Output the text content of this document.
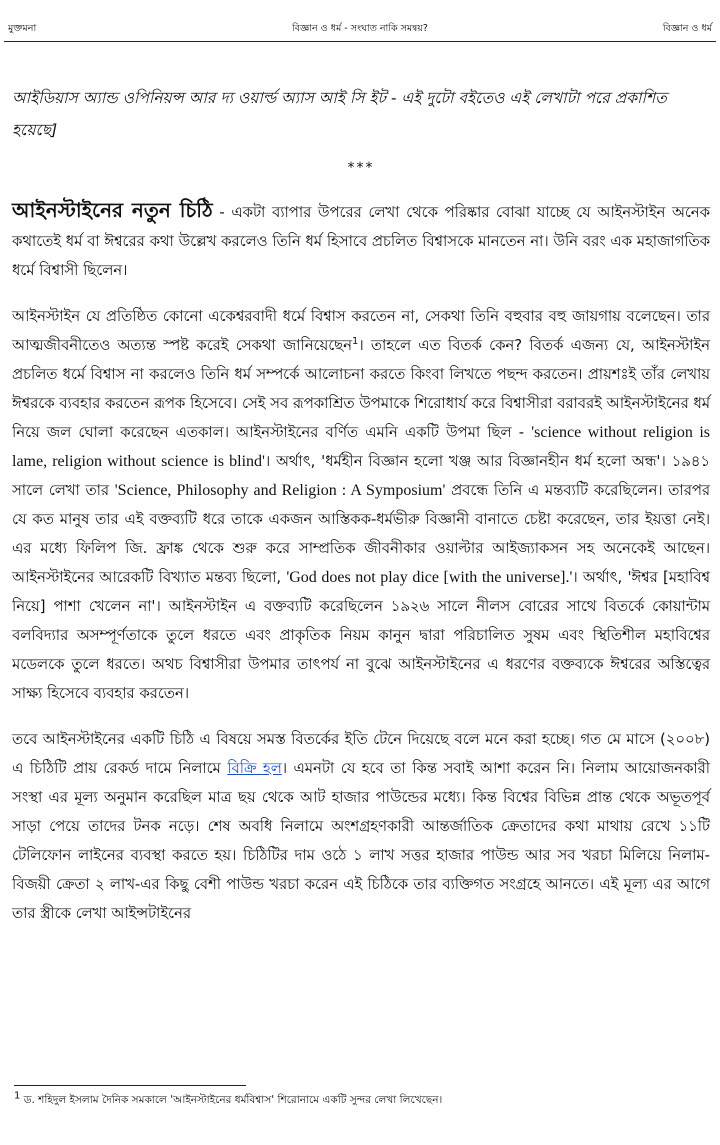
মুক্তমনা	বিজ্ঞান ও ধর্ম - সংঘাত নাকি সমন্বয়?	বিজ্ঞান ও ধর্ম

আইডিয়াস অ্যান্ড ওপিনিয়ন্স আর দ্য ওয়ার্ল্ড অ্যাস আই সি ইট - এই দুটো বইতেও এই লেখাটা পরে প্রকাশিত হয়েছে]

***

আইনস্টাইনের নতুন চিঠি - একটা ব্যাপার উপরের লেখা থেকে পরিষ্কার বোঝা যাচ্ছে যে আইনস্টাইন অনেক কথাতেই ধর্ম বা ঈশ্বরের কথা উল্লেখ করলেও তিনি ধর্ম হিসাবে প্রচলিত বিশ্বাসকে মানতেন না। উনি বরং এক মহাজাগতিক ধর্মে বিশ্বাসী ছিলেন।

আইনস্টাইন যে প্রতিষ্ঠিত কোনো একেশ্বরবাদী ধর্মে বিশ্বাস করতেন না, সেকথা তিনি বহুবার বহু জায়গায় বলেছেন। তার আত্মজীবনীতেও অত্যন্ত স্পষ্ট করেই সেকথা জানিয়েছেন$^1$। তাহলে এত বিতর্ক কেন? বিতর্ক এজন্য যে, আইনস্টাইন প্রচলিত ধর্মে বিশ্বাস না করলেও তিনি ধর্ম সম্পর্কে আলোচনা করতে কিংবা লিখতে পছন্দ করতেন। প্রায়শঃই তাঁর লেখায় ঈশ্বরকে ব্যবহার করতেন রূপক হিসেবে। সেই সব রূপকাশ্রিত উপমাকে শিরোধার্য করে বিশ্বাসীরা বরাবরই আইনস্টাইনের ধর্ম নিয়ে জল ঘোলা করেছেন এতকাল। আইনস্টাইনের বর্ণিত এমনি একটি উপমা ছিল - 'science without religion is lame, religion without science is blind'। অর্থাৎ, 'ধর্মহীন বিজ্ঞান হলো খঞ্জ আর বিজ্ঞানহীন ধর্ম হলো অন্ধ'। ১৯৪১ সালে লেখা তার 'Science, Philosophy and Religion : A Symposium' প্রবন্ধে তিনি এ মন্তব্যটি করেছিলেন। তারপর যে কত মানুষ তার এই বক্তব্যটি ধরে তাকে একজন আস্তিকক-ধর্মভীরু বিজ্ঞানী বানাতে চেষ্টা করেছেন, তার ইয়ত্তা নেই। এর মধ্যে ফিলিপ জি. ফ্রাঙ্ক থেকে শুরু করে সাম্প্রতিক জীবনীকার ওয়াল্টার আইজ্যাকসন সহ অনেকেই আছেন। আইনস্টাইনের আরেকটি বিখ্যাত মন্তব্য ছিলো, 'God does not play dice [with the universe].'। অর্থাৎ, 'ঈশ্বর [মহাবিশ্ব নিয়ে] পাশা খেলেন না'। আইনস্টাইন এ বক্তব্যটি করেছিলেন ১৯২৬ সালে নীলস বোরের সাথে বিতর্কে কোয়ান্টাম বলবিদ্যার অসম্পূর্ণতাকে তুলে ধরতে এবং প্রাকৃতিক নিয়ম কানুন দ্বারা পরিচালিত সুষম এবং স্থিতিশীল মহাবিশ্বের মডেলকে তুলে ধরতে। অথচ বিশ্বাসীরা উপমার তাৎপর্য না বুঝে আইনস্টাইনের এ ধরণের বক্তব্যকে ঈশ্বরের অস্তিত্বের সাক্ষ্য হিসেবে ব্যবহার করতেন।

তবে আইনস্টাইনের একটি চিঠি এ বিষয়ে সমস্ত বিতর্কের ইতি টেনে দিয়েছে বলে মনে করা হচ্ছে। গত মে মাসে (২০০৮) এ চিঠিটি প্রায় রেকর্ড দামে নিলামে বিক্রি হল। এমনটা যে হবে তা কিন্ত সবাই আশা করেন নি। নিলাম আয়োজনকারী সংস্থা এর মূল্য অনুমান করেছিল মাত্র ছয় থেকে আট হাজার পাউন্ডের মধ্যে। কিন্ত বিশ্বের বিভিন্ন প্রান্ত থেকে অভূতপূর্ব সাড়া পেয়ে তাদের টনক নড়ে। শেষ অবধি নিলামে অংশগ্রহণকারী আন্তর্জাতিক ক্রেতাদের কথা মাথায় রেখে ১১টি টেলিফোন লাইনের ব্যবস্থা করতে হয়। চিঠিটির দাম ওঠে ১ লাখ সত্তর হাজার পাউন্ড আর সব খরচা মিলিয়ে নিলাম-বিজয়ী ক্রেতা ২ লাখ-এর কিছু বেশী পাউন্ড খরচা করেন এই চিঠিকে তার ব্যক্তিগত সংগ্রহে আনতে। এই মূল্য এর আগে তার স্ত্রীকে লেখা আইন্সটাইনের

$^1$ ড. শহিদুল ইসলাম দৈনিক সমকালে 'আইনস্টাইনের ধর্মবিশ্বাস' শিরোনামে একটি সুন্দর লেখা লিখেছেন।
